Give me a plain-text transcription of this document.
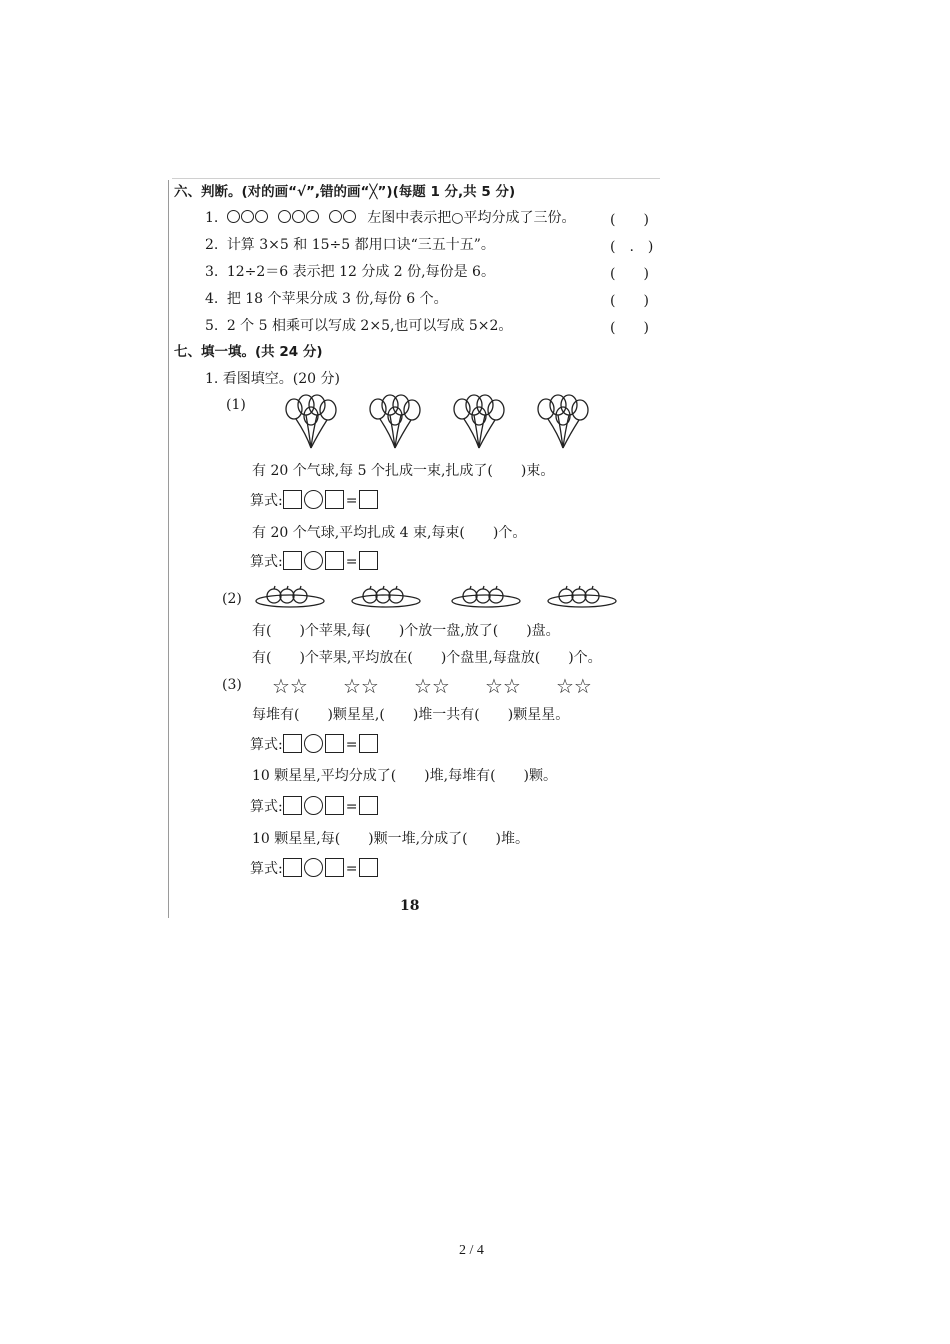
六、判断。(对的画“√”,错的画“╳”)(每题 1 分,共 5 分)
1.	左图中表示把○平均分成了三份。 (　　)
2. 计算 3×5 和 15÷5 都用口诀“三五十五”。	(　.　)
3. 12÷2＝6 表示把 12 分成 2 份,每份是 6。	(　　)
4. 把 18 个苹果分成 3 份,每份 6 个。	(　　)
5. 2 个 5 相乘可以写成 2×5,也可以写成 5×2。	(　　)
七、填一填。(共 24 分)
1. 看图填空。(20 分)
(1)
有 20 个气球,每 5 个扎成一束,扎成了(　　)束。
算式:	=
有 20 个气球,平均扎成 4 束,每束(　　)个。
算式:	=
(2)
有(　　)个苹果,每(　　)个放一盘,放了(　　)盘。
有(　　)个苹果,平均放在(　　)个盘里,每盘放(　　)个。
(3) ☆☆ ☆☆ ☆☆ ☆☆ ☆☆
每堆有(　　)颗星星,(　　)堆一共有(　　)颗星星。
算式:	=
10 颗星星,平均分成了(　　)堆,每堆有(　　)颗。
算式:	=
10 颗星星,每(　　)颗一堆,分成了(　　)堆。
算式:	=
18
2 / 4
